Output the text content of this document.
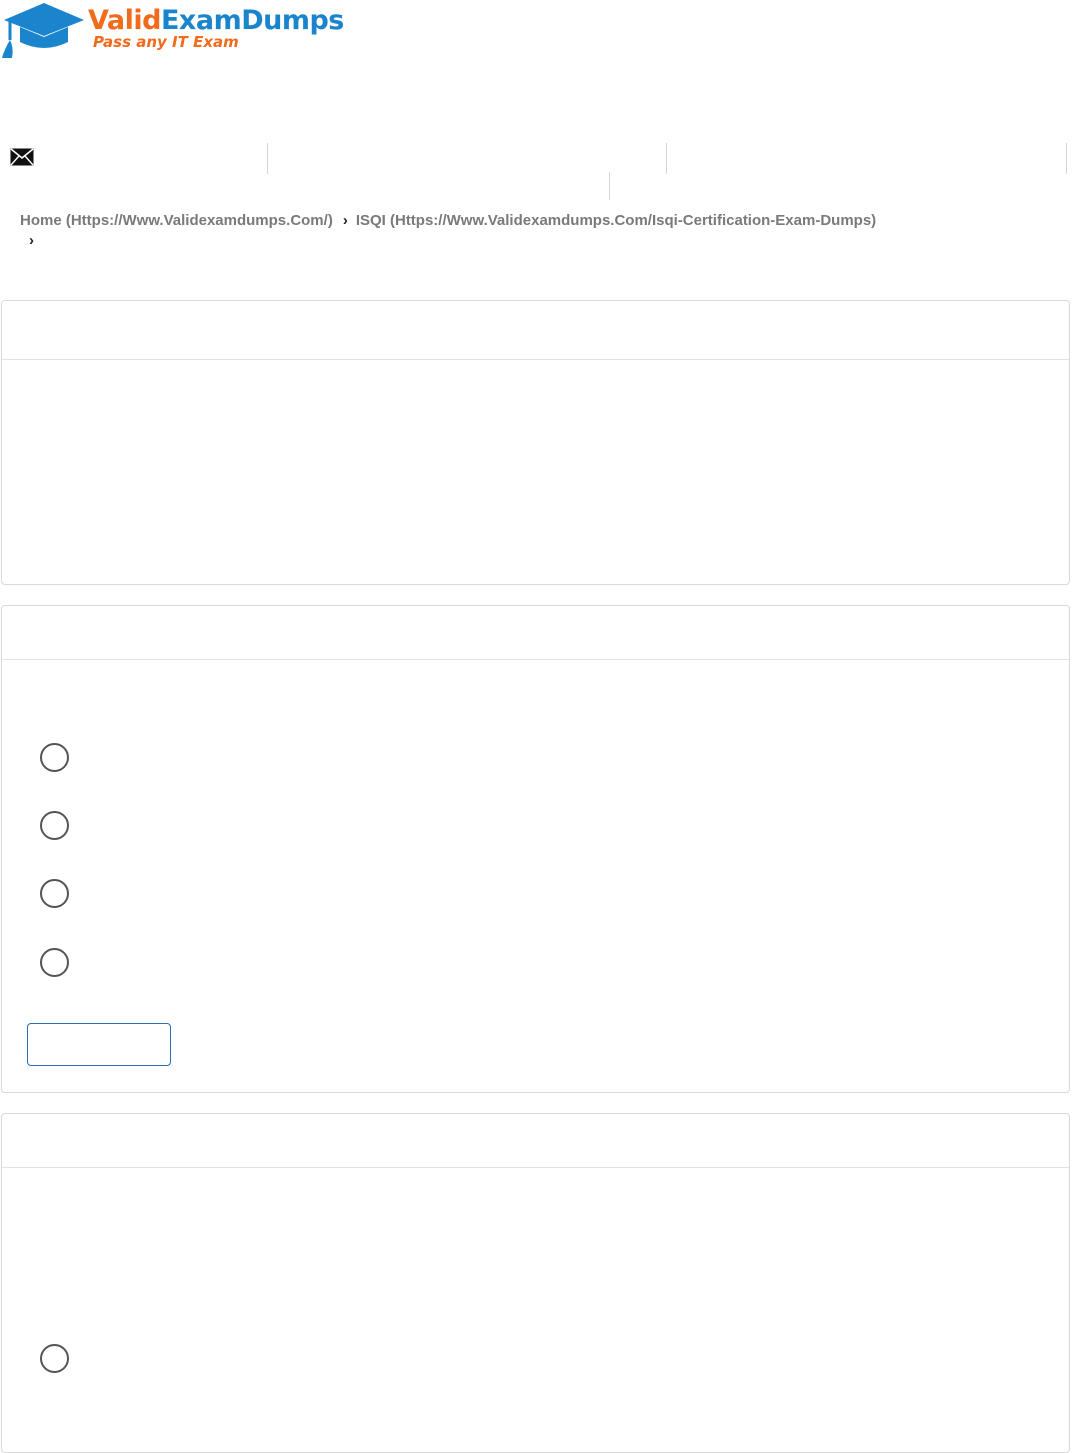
ValidExamDumps
Pass any IT Exam
Home (Https://Www.Validexamdumps.Com/) › ISQI (Https://Www.Validexamdumps.Com/Isqi-Certification-Exam-Dumps)
›
